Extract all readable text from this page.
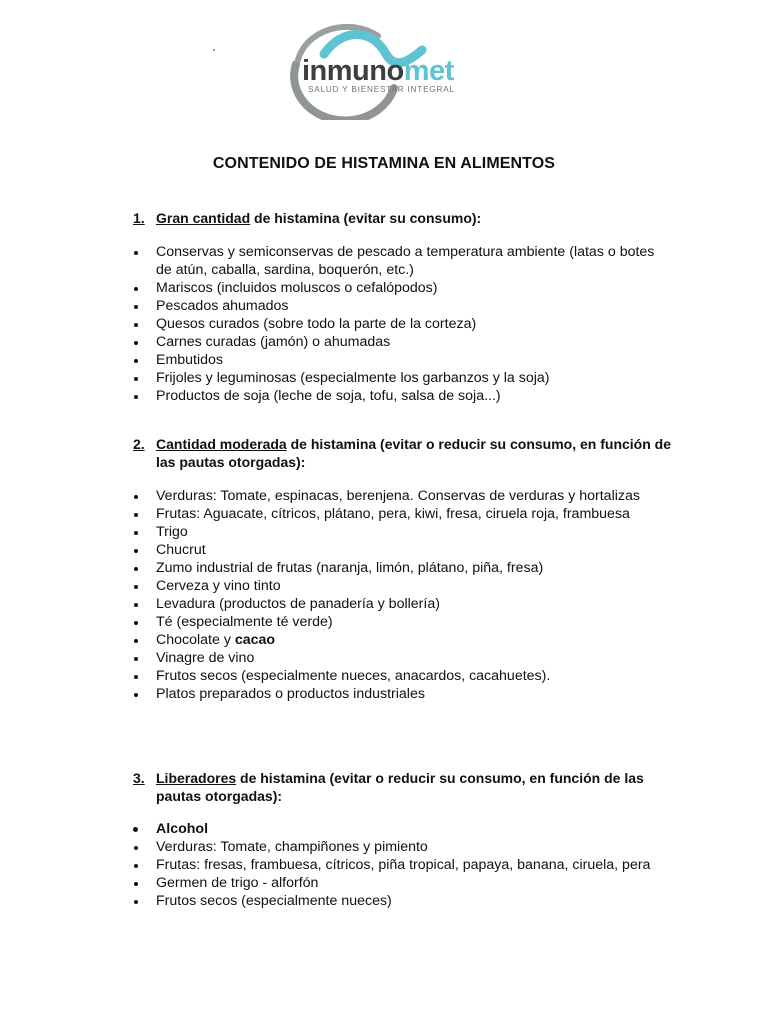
inmunomet
SALUD Y BIENESTAR INTEGRAL
CONTENIDO DE HISTAMINA EN ALIMENTOS
1. Gran cantidad de histamina (evitar su consumo):
Conservas y semiconservas de pescado a temperatura ambiente (latas o botes de atún, caballa, sardina, boquerón, etc.)
Mariscos (incluidos moluscos o cefalópodos)
Pescados ahumados
Quesos curados (sobre todo la parte de la corteza)
Carnes curadas (jamón) o ahumadas
Embutidos
Frijoles y leguminosas (especialmente los garbanzos y la soja)
Productos de soja (leche de soja, tofu, salsa de soja...)
2. Cantidad moderada de histamina (evitar o reducir su consumo, en función de las pautas otorgadas):
Verduras: Tomate, espinacas, berenjena. Conservas de verduras y hortalizas
Frutas: Aguacate, cítricos, plátano, pera, kiwi, fresa, ciruela roja, frambuesa
Trigo
Chucrut
Zumo industrial de frutas (naranja, limón, plátano, piña, fresa)
Cerveza y vino tinto
Levadura (productos de panadería y bollería)
Té (especialmente té verde)
Chocolate y cacao
Vinagre de vino
Frutos secos (especialmente nueces, anacardos, cacahuetes).
Platos preparados o productos industriales
3. Liberadores de histamina (evitar o reducir su consumo, en función de las pautas otorgadas):
Alcohol
Verduras: Tomate, champiñones y pimiento
Frutas: fresas, frambuesa, cítricos, piña tropical, papaya, banana, ciruela, pera
Germen de trigo - alforfón
Frutos secos (especialmente nueces)
